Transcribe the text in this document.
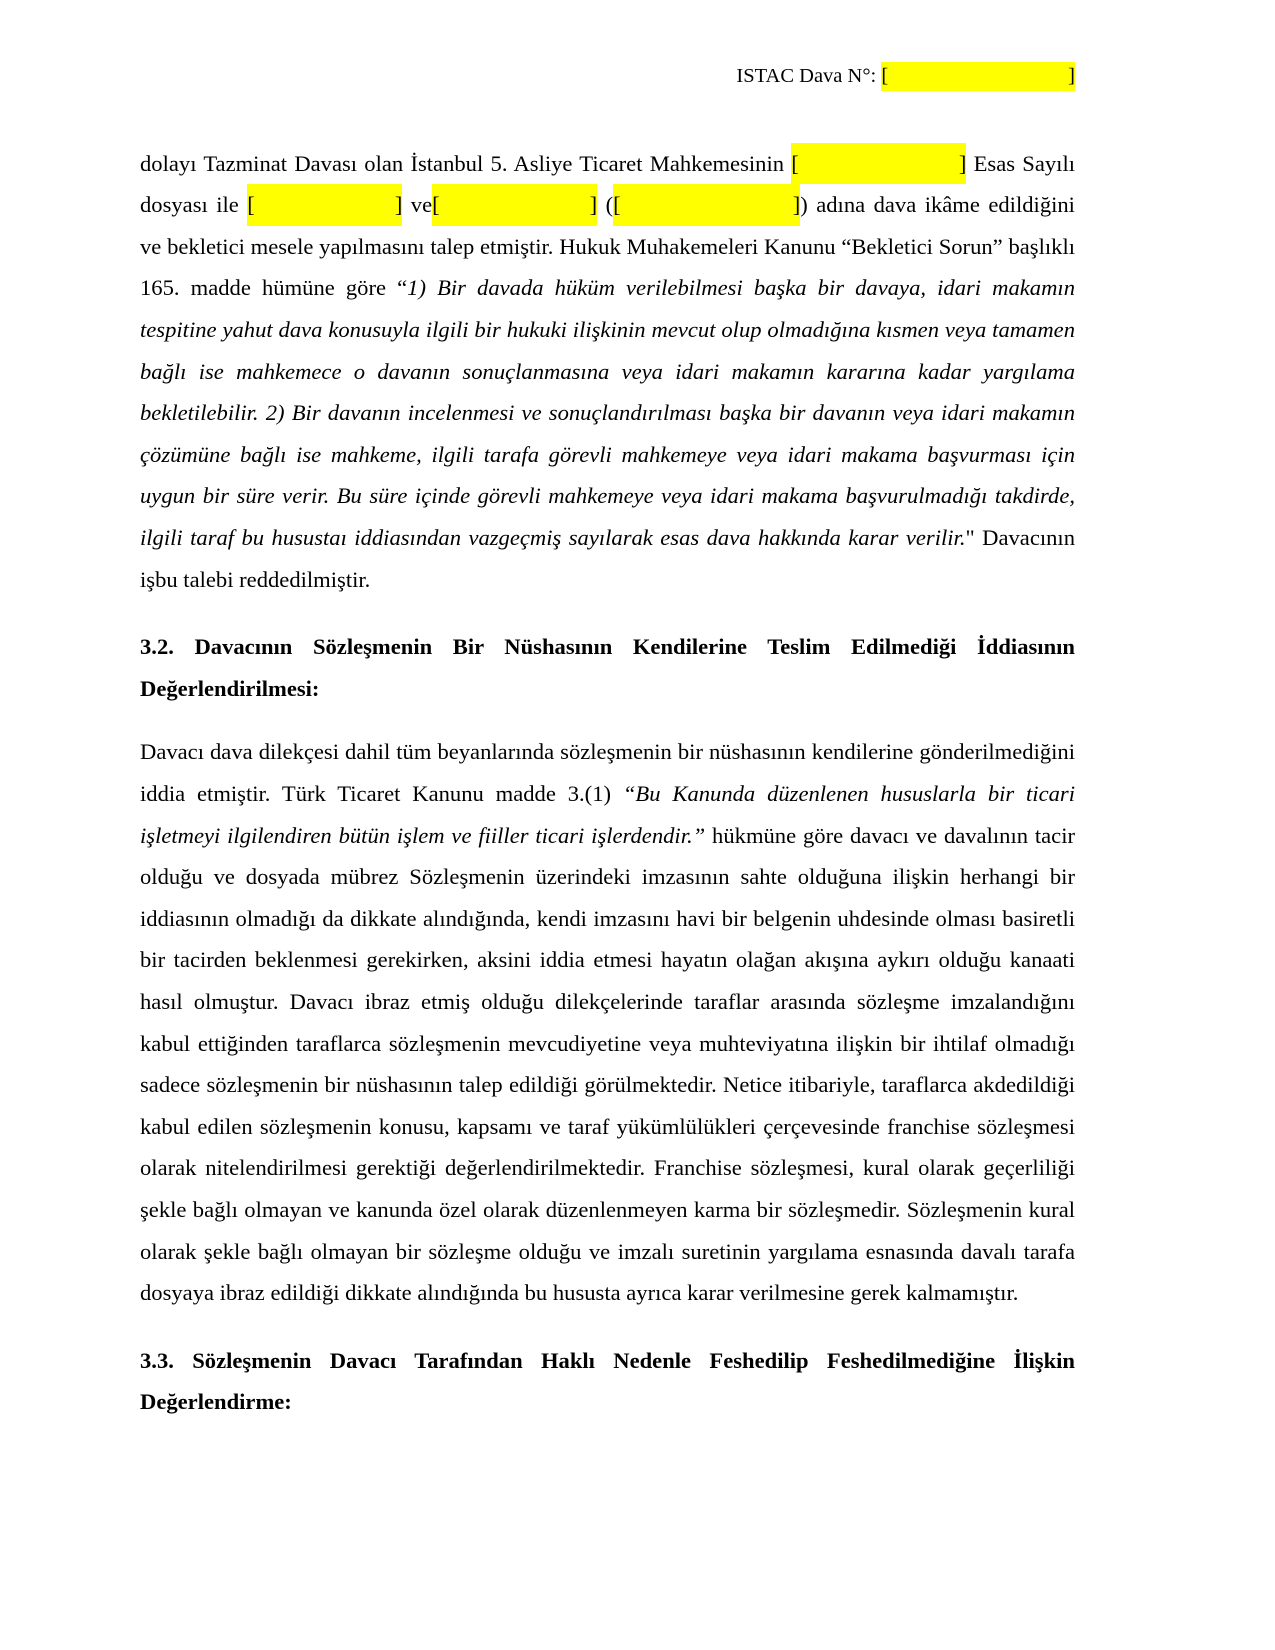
ISTAC Dava N°: [	]

dolayı Tazminat Davası olan İstanbul 5. Asliye Ticaret Mahkemesinin [	] Esas Sayılı dosyası ile [	] ve[	] ([	]) adına dava ikâme edildiğini ve bekletici mesele yapılmasını talep etmiştir. Hukuk Muhakemeleri Kanunu “Bekletici Sorun” başlıklı 165. madde hümüne göre “1) Bir davada hüküm verilebilmesi başka bir davaya, idari makamın tespitine yahut dava konusuyla ilgili bir hukuki ilişkinin mevcut olup olmadığına kısmen veya tamamen bağlı ise mahkemece o davanın sonuçlanmasına veya idari makamın kararına kadar yargılama bekletilebilir. 2) Bir davanın incelenmesi ve sonuçlandırılması başka bir davanın veya idari makamın çözümüne bağlı ise mahkeme, ilgili tarafa görevli mahkemeye veya idari makama başvurması için uygun bir süre verir. Bu süre içinde görevli mahkemeye veya idari makama başvurulmadığı takdirde, ilgili taraf bu husustaı iddiasından vazgeçmiş sayılarak esas dava hakkında karar verilir." Davacının işbu talebi reddedilmiştir.

3.2. Davacının Sözleşmenin Bir Nüshasının Kendilerine Teslim Edilmediği İddiasının Değerlendirilmesi:

Davacı dava dilekçesi dahil tüm beyanlarında sözleşmenin bir nüshasının kendilerine gönderilmediğini iddia etmiştir. Türk Ticaret Kanunu madde 3.(1) “Bu Kanunda düzenlenen hususlarla bir ticari işletmeyi ilgilendiren bütün işlem ve fiiller ticari işlerdendir.” hükmüne göre davacı ve davalının tacir olduğu ve dosyada mübrez Sözleşmenin üzerindeki imzasının sahte olduğuna ilişkin herhangi bir iddiasının olmadığı da dikkate alındığında, kendi imzasını havi bir belgenin uhdesinde olması basiretli bir tacirden beklenmesi gerekirken, aksini iddia etmesi hayatın olağan akışına aykırı olduğu kanaati hasıl olmuştur. Davacı ibraz etmiş olduğu dilekçelerinde taraflar arasında sözleşme imzalandığını kabul ettiğinden taraflarca sözleşmenin mevcudiyetine veya muhteviyatına ilişkin bir ihtilaf olmadığı sadece sözleşmenin bir nüshasının talep edildiği görülmektedir. Netice itibariyle, taraflarca akdedildiği kabul edilen sözleşmenin konusu, kapsamı ve taraf yükümlülükleri çerçevesinde franchise sözleşmesi olarak nitelendirilmesi gerektiği değerlendirilmektedir. Franchise sözleşmesi, kural olarak geçerliliği şekle bağlı olmayan ve kanunda özel olarak düzenlenmeyen karma bir sözleşmedir. Sözleşmenin kural olarak şekle bağlı olmayan bir sözleşme olduğu ve imzalı suretinin yargılama esnasında davalı tarafa dosyaya ibraz edildiği dikkate alındığında bu hususta ayrıca karar verilmesine gerek kalmamıştır.

3.3. Sözleşmenin Davacı Tarafından Haklı Nedenle Feshedilip Feshedilmediğine İlişkin Değerlendirme:
